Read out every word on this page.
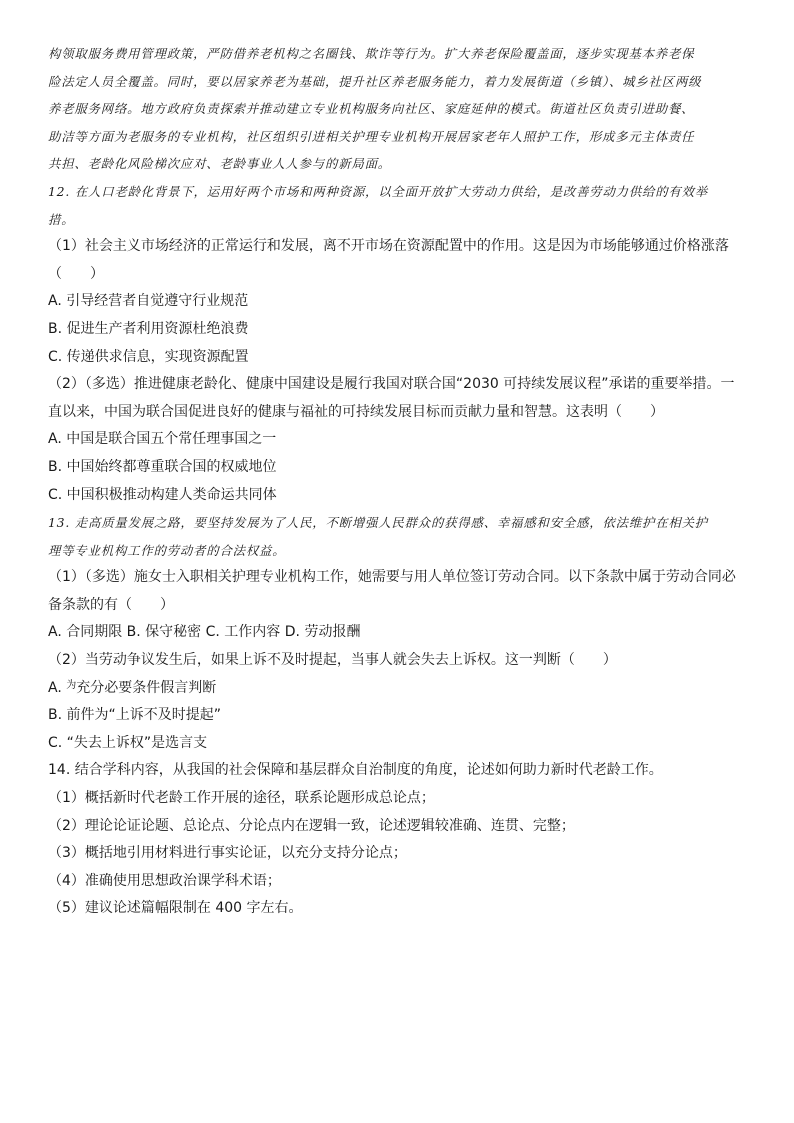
构领取服务费用管理政策，严防借养老机构之名圈钱、欺诈等行为。扩大养老保险覆盖面，逐步实现基本养老保
险法定人员全覆盖。同时，要以居家养老为基础，提升社区养老服务能力，着力发展街道（乡镇）、城乡社区两级
养老服务网络。地方政府负责探索并推动建立专业机构服务向社区、家庭延伸的模式。街道社区负责引进助餐、
助洁等方面为老服务的专业机构，社区组织引进相关护理专业机构开展居家老年人照护工作，形成多元主体责任
共担、老龄化风险梯次应对、老龄事业人人参与的新局面。
12. 在人口老龄化背景下，运用好两个市场和两种资源，以全面开放扩大劳动力供给，是改善劳动力供给的有效举
措。
（1）社会主义市场经济的正常运行和发展，离不开市场在资源配置中的作用。这是因为市场能够通过价格涨落
（　　）
A. 引导经营者自觉遵守行业规范
B. 促进生产者利用资源杜绝浪费
C. 传递供求信息，实现资源配置
（2）（多选）推进健康老龄化、健康中国建设是履行我国对联合国“2030 可持续发展议程”承诺的重要举措。一
直以来，中国为联合国促进良好的健康与福祉的可持续发展目标而贡献力量和智慧。这表明（　　）
A. 中国是联合国五个常任理事国之一
B. 中国始终都尊重联合国的权威地位
C. 中国积极推动构建人类命运共同体
13. 走高质量发展之路，要坚持发展为了人民，不断增强人民群众的获得感、幸福感和安全感，依法维护在相关护
理等专业机构工作的劳动者的合法权益。
（1）（多选）施女士入职相关护理专业机构工作，她需要与用人单位签订劳动合同。以下条款中属于劳动合同必
备条款的有（　　）
A. 合同期限 B. 保守秘密 C. 工作内容 D. 劳动报酬
（2）当劳动争议发生后，如果上诉不及时提起，当事人就会失去上诉权。这一判断（　　）
A. $^为$充分必要条件假言判断
B. 前件为“上诉不及时提起”
C. “失去上诉权”是选言支
14. 结合学科内容，从我国的社会保障和基层群众自治制度的角度，论述如何助力新时代老龄工作。
（1）概括新时代老龄工作开展的途径，联系论题形成总论点；
（2）理论论证论题、总论点、分论点内在逻辑一致，论述逻辑较准确、连贯、完整；
（3）概括地引用材料进行事实论证，以充分支持分论点；
（4）准确使用思想政治课学科术语；
（5）建议论述篇幅限制在 400 字左右。
